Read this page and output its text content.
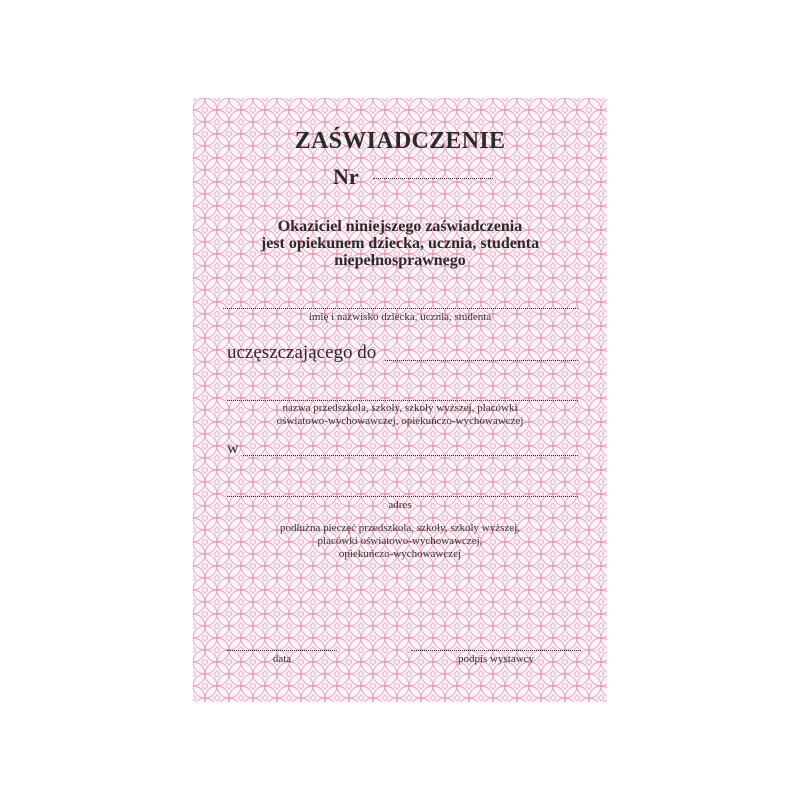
ZAŚWIADCZENIE
Nr
Okaziciel niniejszego zaświadczenia
jest opiekunem dziecka, ucznia, studenta
niepełnosprawnego
imię i nazwisko dziecka, ucznia, studenta
uczęszczającego do
nazwa przedszkola, szkoły, szkoły wyższej, placówki
oświatowo-wychowawczej, opiekuńczo-wychowawczej
w
adres
podłużna pieczęć przedszkola, szkoły, szkoły wyższej,
placówki oświatowo-wychowawczej,
opiekuńczo-wychowawczej
data	podpis wystawcy
